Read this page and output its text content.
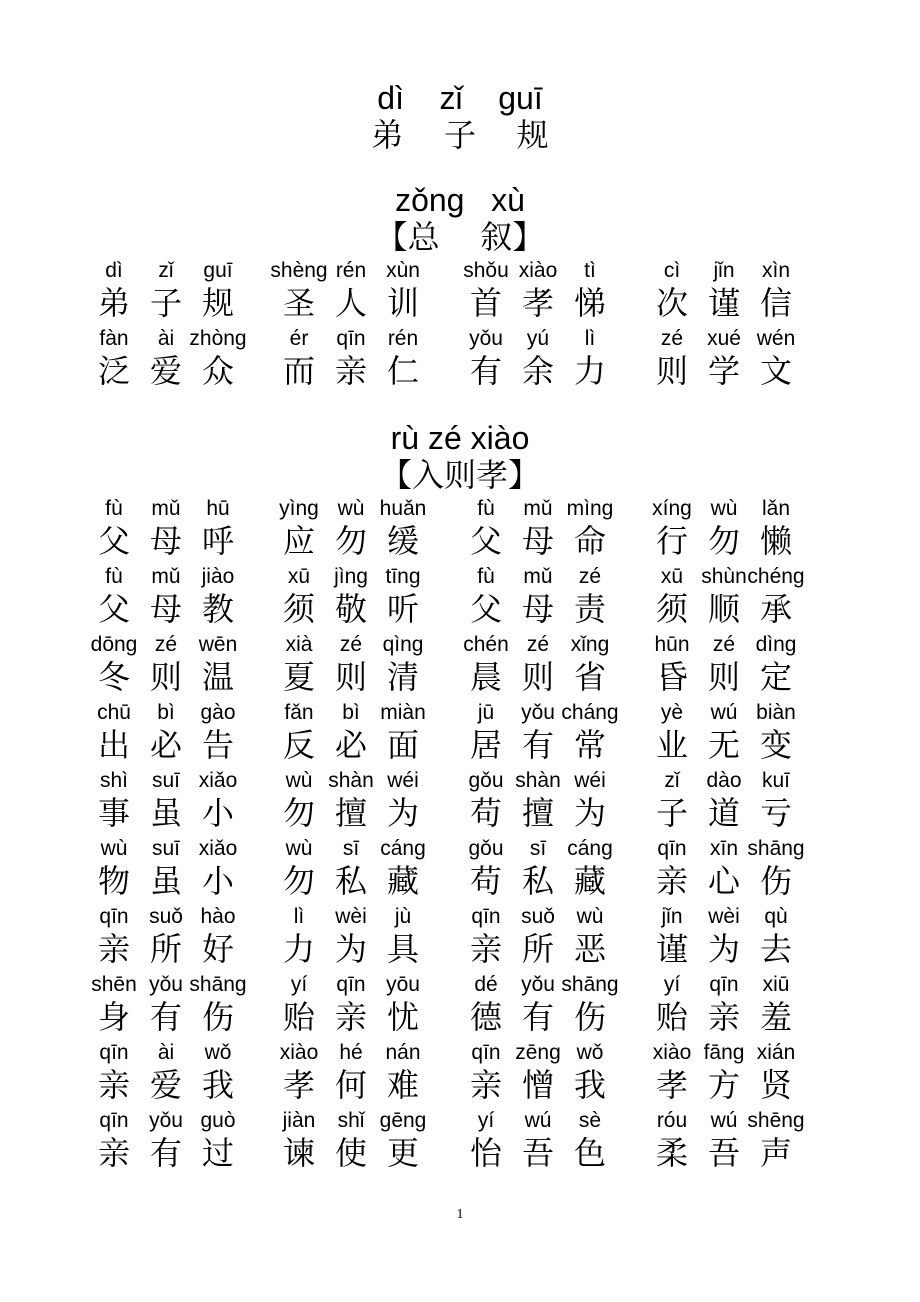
dì    zǐ    guī
弟    子    规
zǒng   xù
【总    叙】
rù zé xiào
【入则孝】
dì
弟
zǐ
子
guī
规
shèng
圣
rén
人
xùn
训
shǒu
首
xiào
孝
tì
悌
cì
次
jǐn
谨
xìn
信
fàn
泛
ài
爱
zhòng
众
ér
而
qīn
亲
rén
仁
yǒu
有
yú
余
lì
力
zé
则
xué
学
wén
文
fù
父
mǔ
母
hū
呼
yìng
应
wù
勿
huǎn
缓
fù
父
mǔ
母
mìng
命
xíng
行
wù
勿
lǎn
懒
fù
父
mǔ
母
jiào
教
xū
须
jìng
敬
tīng
听
fù
父
mǔ
母
zé
责
xū
须
shùn
顺
chéng
承
dōng
冬
zé
则
wēn
温
xià
夏
zé
则
qìng
清
chén
晨
zé
则
xǐng
省
hūn
昏
zé
则
dìng
定
chū
出
bì
必
gào
告
fǎn
反
bì
必
miàn
面
jū
居
yǒu
有
cháng
常
yè
业
wú
无
biàn
变
shì
事
suī
虽
xiǎo
小
wù
勿
shàn
擅
wéi
为
gǒu
苟
shàn
擅
wéi
为
zǐ
子
dào
道
kuī
亏
wù
物
suī
虽
xiǎo
小
wù
勿
sī
私
cáng
藏
gǒu
苟
sī
私
cáng
藏
qīn
亲
xīn
心
shāng
伤
qīn
亲
suǒ
所
hào
好
lì
力
wèi
为
jù
具
qīn
亲
suǒ
所
wù
恶
jǐn
谨
wèi
为
qù
去
shēn
身
yǒu
有
shāng
伤
yí
贻
qīn
亲
yōu
忧
dé
德
yǒu
有
shāng
伤
yí
贻
qīn
亲
xiū
羞
qīn
亲
ài
爱
wǒ
我
xiào
孝
hé
何
nán
难
qīn
亲
zēng
憎
wǒ
我
xiào
孝
fāng
方
xián
贤
qīn
亲
yǒu
有
guò
过
jiàn
谏
shǐ
使
gēng
更
yí
怡
wú
吾
sè
色
róu
柔
wú
吾
shēng
声
1
